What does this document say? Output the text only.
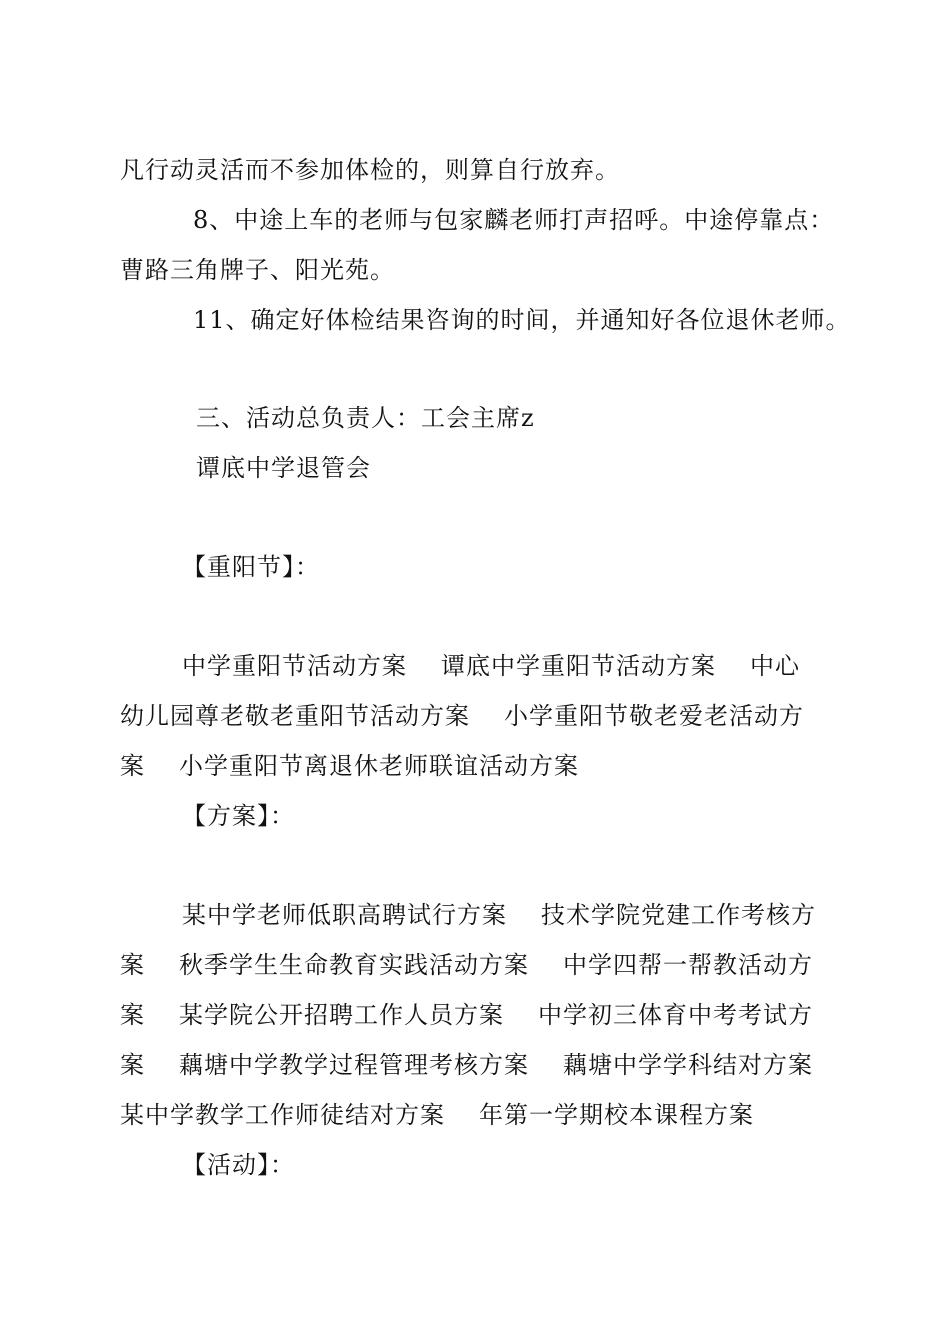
凡行动灵活而不参加体检的，则算自行放弃。
8、中途上车的老师与包家麟老师打声招呼。中途停靠点：
曹路三角牌子、阳光苑。
11、确定好体检结果咨询的时间，并通知好各位退休老师。
三、活动总负责人：工会主席z
谭底中学退管会
【重阳节】：
中学重阳节活动方案 谭底中学重阳节活动方案 中心
幼儿园尊老敬老重阳节活动方案 小学重阳节敬老爱老活动方
案 小学重阳节离退休老师联谊活动方案
【方案】：
某中学老师低职高聘试行方案 技术学院党建工作考核方
案 秋季学生生命教育实践活动方案 中学四帮一帮教活动方
案 某学院公开招聘工作人员方案 中学初三体育中考考试方
案 藕塘中学教学过程管理考核方案 藕塘中学学科结对方案
某中学教学工作师徒结对方案 年第一学期校本课程方案
【活动】：
